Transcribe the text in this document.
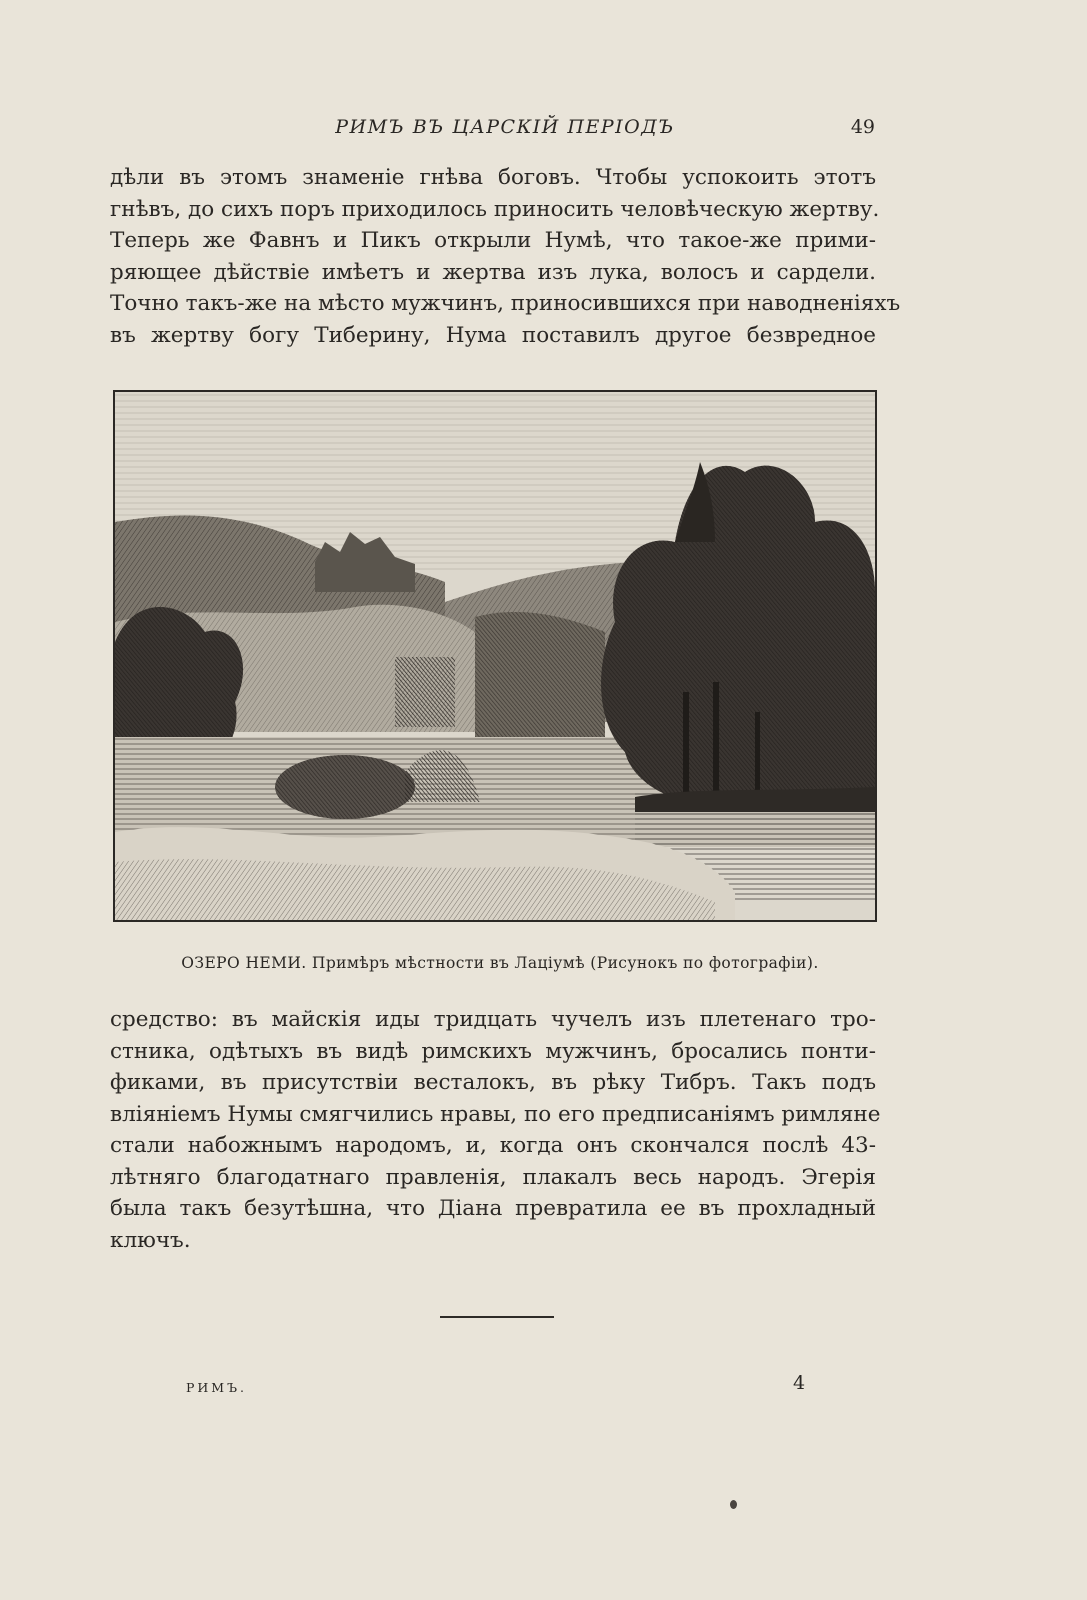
РИМЪ ВЪ ЦАРСКІЙ ПЕРІОДЪ	49
дѣли въ этомъ знаменіе гнѣва боговъ. Чтобы успокоить этотъ
гнѣвъ, до сихъ поръ приходилось приносить человѣческую жертву.
Теперь же Фавнъ и Пикъ открыли Нумѣ, что такое-же прими-
ряющее дѣйствіе имѣетъ и жертва изъ лука, волосъ и сардели.
Точно такъ-же на мѣсто мужчинъ, приносившихся при наводненіяхъ
въ жертву богу Тиберину, Нума поставилъ другое безвредное
ОЗЕРО НЕМИ. Примѣръ мѣстности въ Лаціумѣ (Рисунокъ по фотографіи).
средство: въ майскія иды тридцать чучелъ изъ плетенаго тро-
стника, одѣтыхъ въ видѣ римскихъ мужчинъ, бросались понти-
фиками, въ присутствіи весталокъ, въ рѣку Тибръ. Такъ подъ
вліяніемъ Нумы смягчились нравы, по его предписаніямъ римляне
стали набожнымъ народомъ, и, когда онъ скончался послѣ 43-
лѣтняго благодатнаго правленія, плакалъ весь народъ. Эгерія
была такъ безутѣшна, что Діана превратила ее въ прохладный
ключъ.
РИМЪ.	4
